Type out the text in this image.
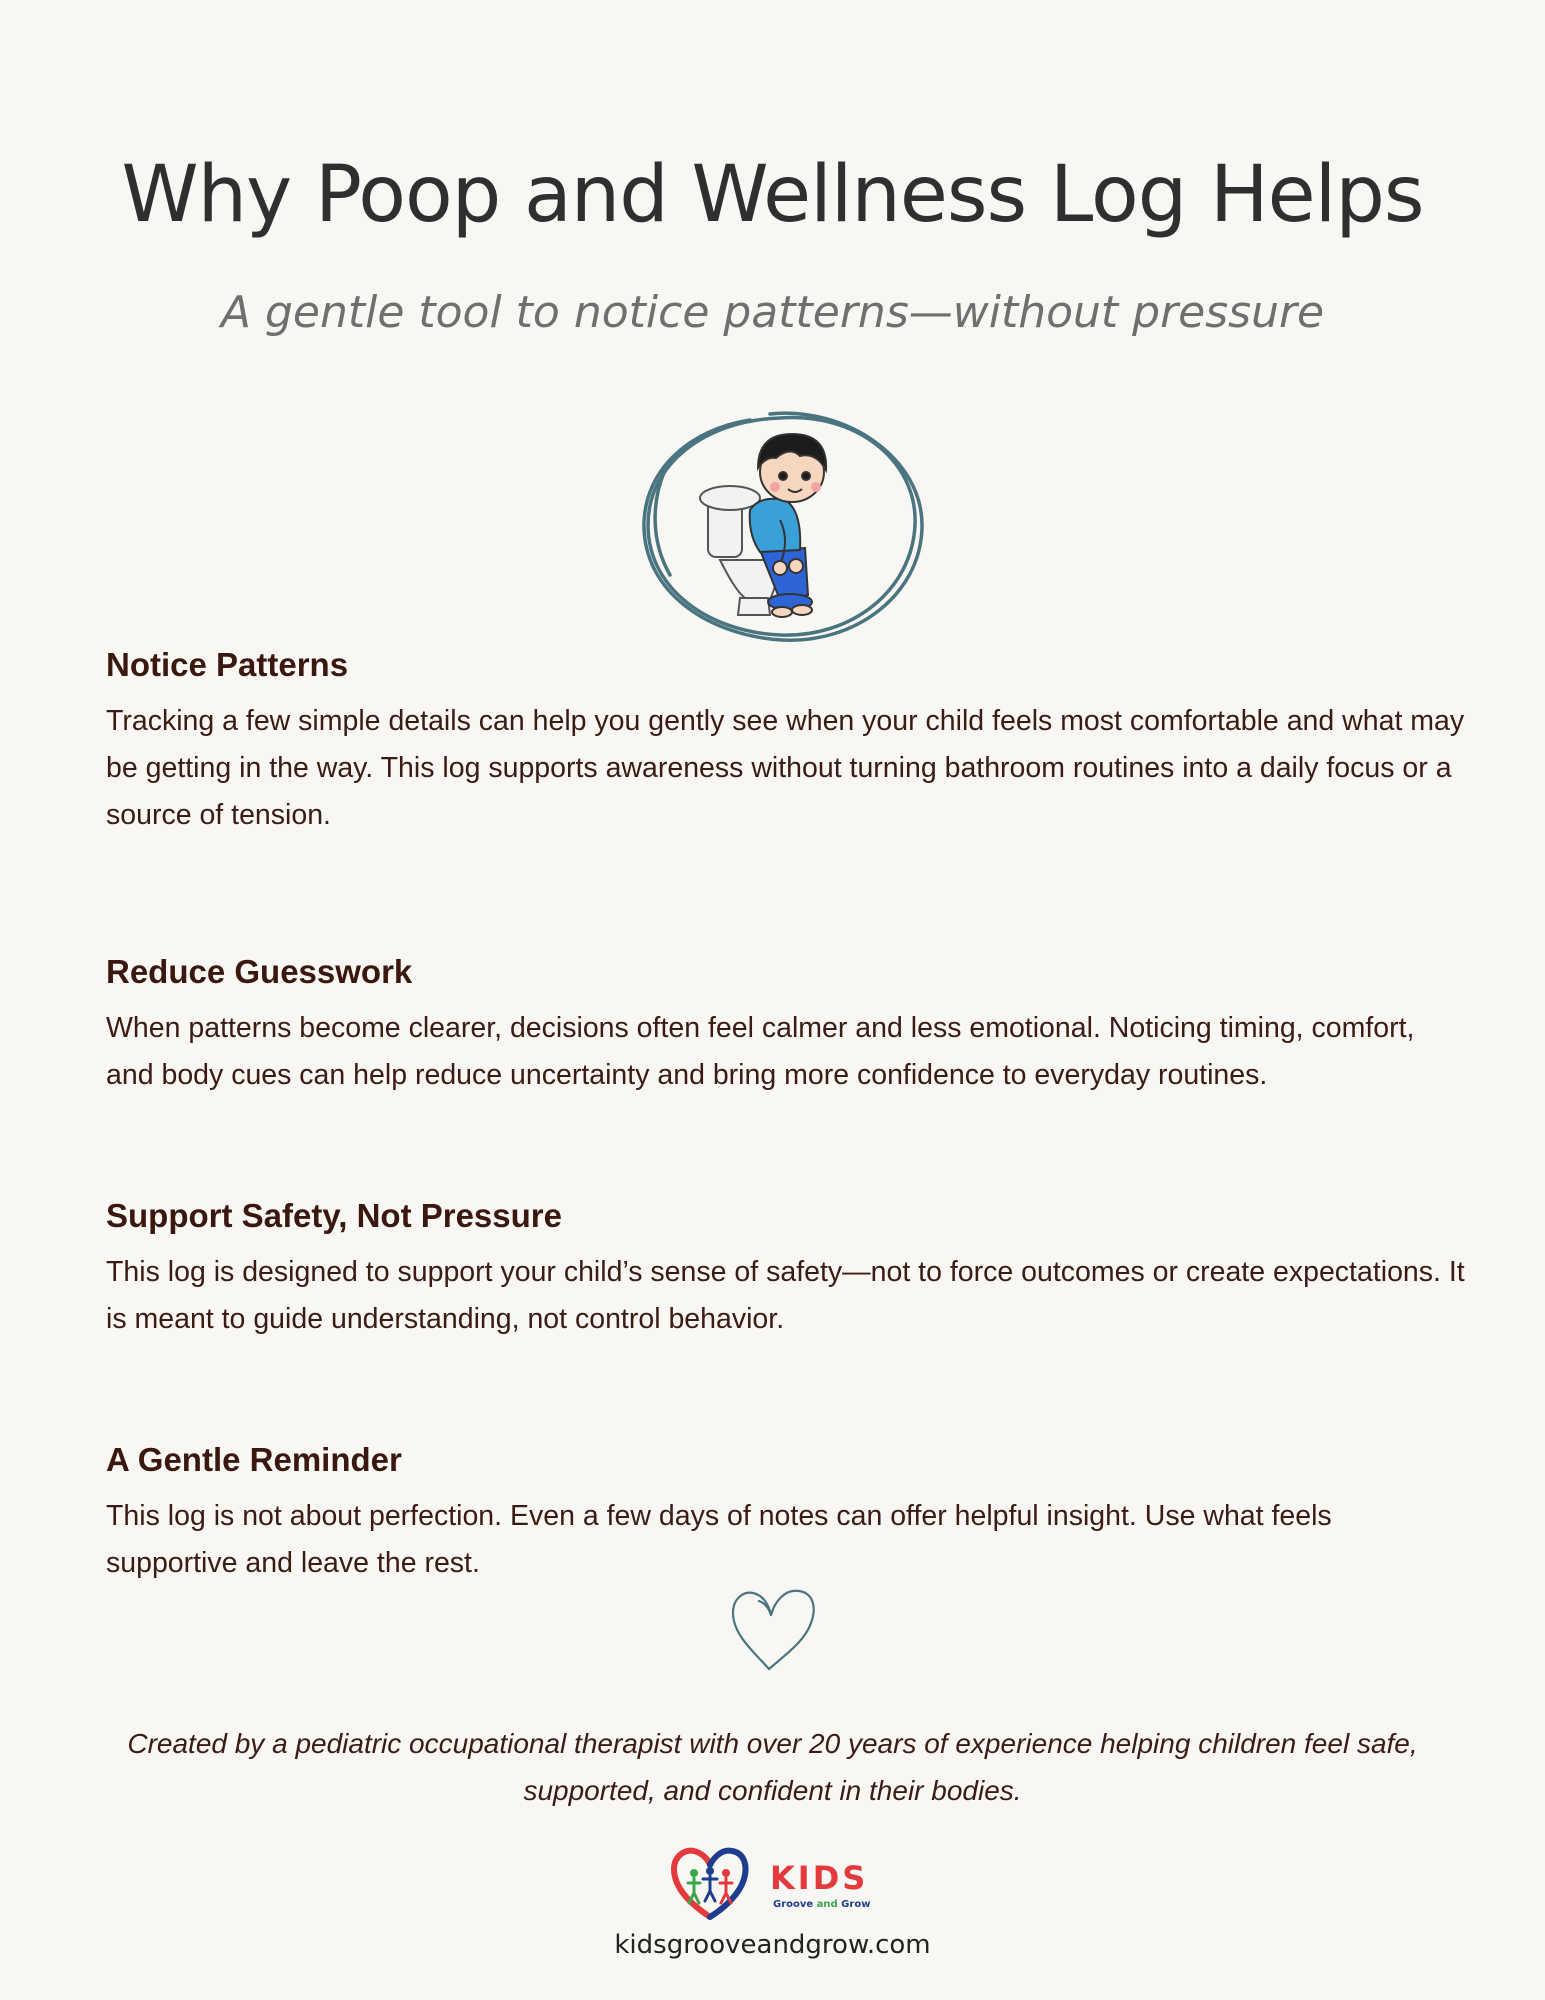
Why Poop and Wellness Log Helps

A gentle tool to notice patterns—without pressure

Notice Patterns

Tracking a few simple details can help you gently see when your child feels most comfortable and what may be getting in the way. This log supports awareness without turning bathroom routines into a daily focus or a source of tension.

Reduce Guesswork

When patterns become clearer, decisions often feel calmer and less emotional. Noticing timing, comfort, and body cues can help reduce uncertainty and bring more confidence to everyday routines.

Support Safety, Not Pressure

This log is designed to support your child’s sense of safety—not to force outcomes or create expectations. It is meant to guide understanding, not control behavior.

A Gentle Reminder

This log is not about perfection. Even a few days of notes can offer helpful insight. Use what feels supportive and leave the rest.

Created by a pediatric occupational therapist with over 20 years of experience helping children feel safe, supported, and confident in their bodies.

KIDS
Groove and Grow

kidsgrooveandgrow.com
